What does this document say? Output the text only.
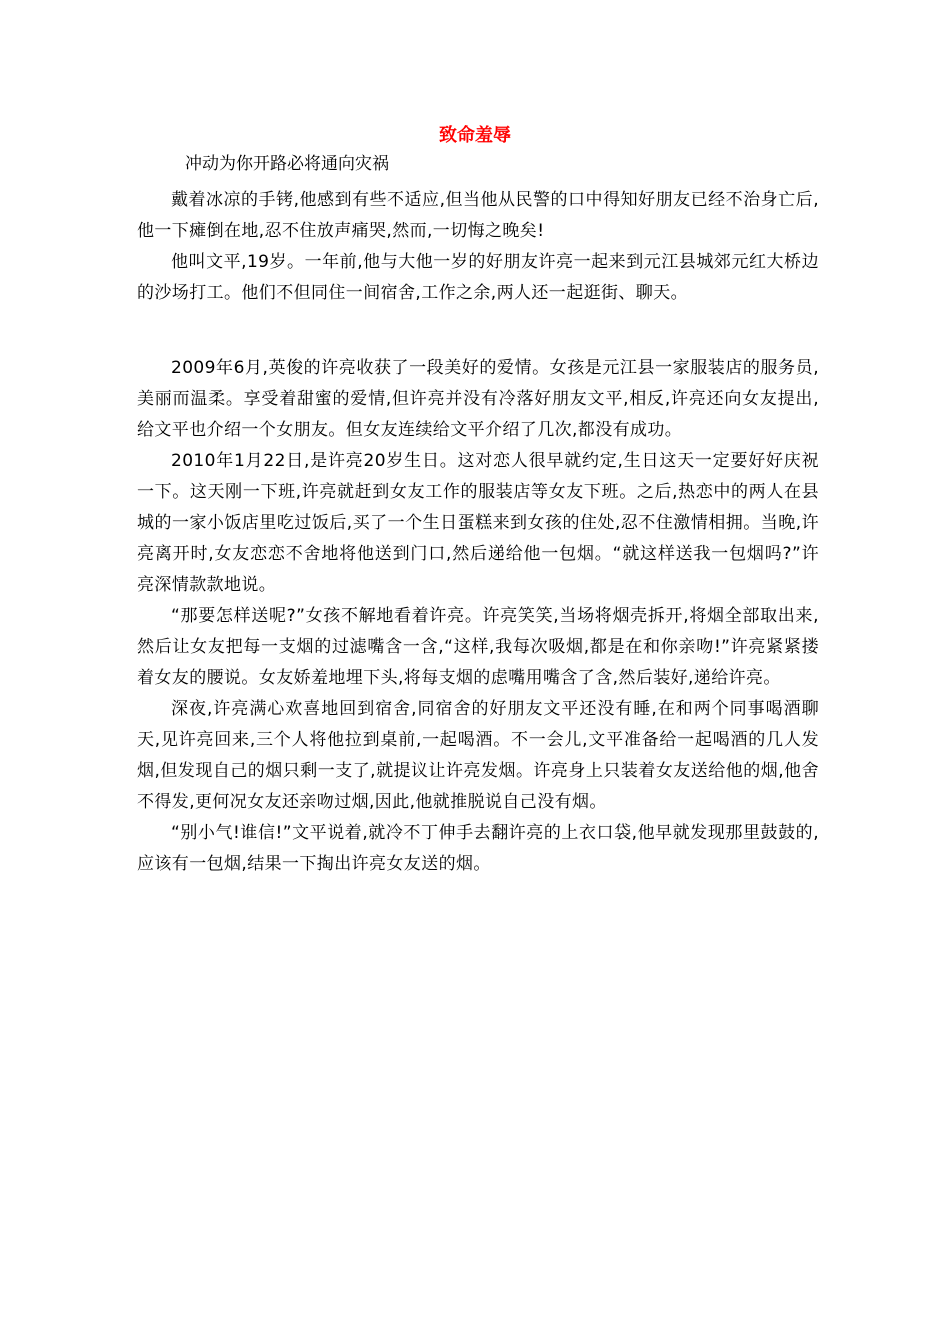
致命羞辱
冲动为你开路必将通向灾祸

戴着冰凉的手铐,他感到有些不适应,但当他从民警的口中得知好朋友已经不治身亡后,他一下瘫倒在地,忍不住放声痛哭,然而,一切悔之晚矣!

他叫文平,19岁。一年前,他与大他一岁的好朋友许亮一起来到元江县城郊元红大桥边的沙场打工。他们不但同住一间宿舍,工作之余,两人还一起逛街、聊天。

2009年6月,英俊的许亮收获了一段美好的爱情。女孩是元江县一家服装店的服务员,美丽而温柔。享受着甜蜜的爱情,但许亮并没有冷落好朋友文平,相反,许亮还向女友提出,给文平也介绍一个女朋友。但女友连续给文平介绍了几次,都没有成功。

2010年1月22日,是许亮20岁生日。这对恋人很早就约定,生日这天一定要好好庆祝一下。这天刚一下班,许亮就赶到女友工作的服装店等女友下班。之后,热恋中的两人在县城的一家小饭店里吃过饭后,买了一个生日蛋糕来到女孩的住处,忍不住激情相拥。当晚,许亮离开时,女友恋恋不舍地将他送到门口,然后递给他一包烟。“就这样送我一包烟吗?”许亮深情款款地说。

“那要怎样送呢?”女孩不解地看着许亮。许亮笑笑,当场将烟壳拆开,将烟全部取出来,然后让女友把每一支烟的过滤嘴含一含,“这样,我每次吸烟,都是在和你亲吻!”许亮紧紧搂着女友的腰说。女友娇羞地埋下头,将每支烟的虑嘴用嘴含了含,然后装好,递给许亮。

深夜,许亮满心欢喜地回到宿舍,同宿舍的好朋友文平还没有睡,在和两个同事喝酒聊天,见许亮回来,三个人将他拉到桌前,一起喝酒。不一会儿,文平准备给一起喝酒的几人发烟,但发现自己的烟只剩一支了,就提议让许亮发烟。许亮身上只装着女友送给他的烟,他舍不得发,更何况女友还亲吻过烟,因此,他就推脱说自己没有烟。

“别小气!谁信!”文平说着,就冷不丁伸手去翻许亮的上衣口袋,他早就发现那里鼓鼓的,应该有一包烟,结果一下掏出许亮女友送的烟。
